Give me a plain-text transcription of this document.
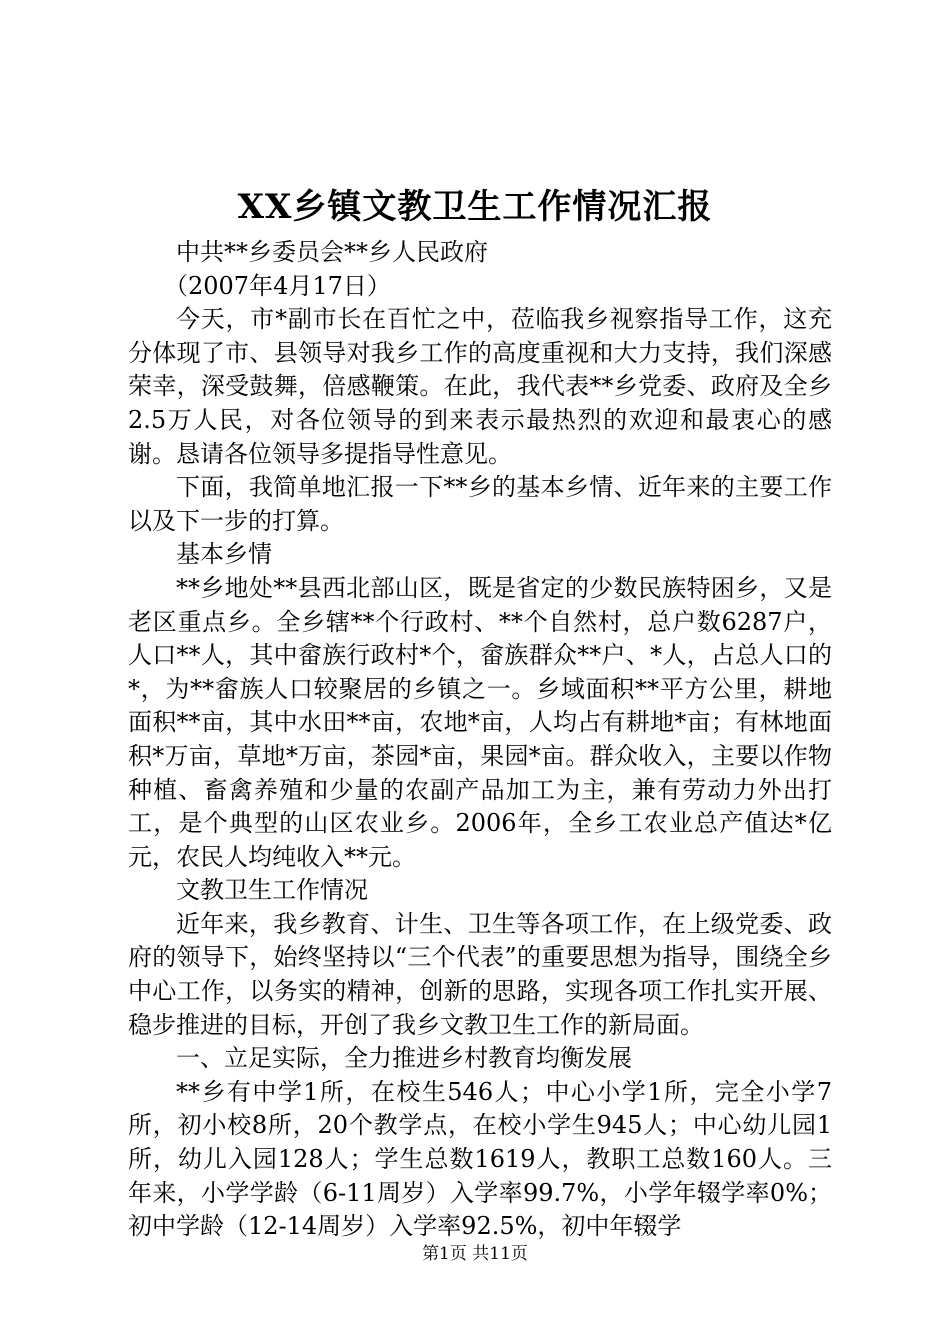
XX乡镇文教卫生工作情况汇报

中共**乡委员会**乡人民政府

（2007年4月17日）

今天，市*副市长在百忙之中，莅临我乡视察指导工作，这充分体现了市、县领导对我乡工作的高度重视和大力支持，我们深感荣幸，深受鼓舞，倍感鞭策。在此，我代表**乡党委、政府及全乡2.5万人民，对各位领导的到来表示最热烈的欢迎和最衷心的感谢。恳请各位领导多提指导性意见。

下面，我简单地汇报一下**乡的基本乡情、近年来的主要工作以及下一步的打算。

基本乡情

**乡地处**县西北部山区，既是省定的少数民族特困乡，又是老区重点乡。全乡辖**个行政村、**个自然村，总户数6287户，人口**人，其中畲族行政村*个，畲族群众**户、*人，占总人口的*，为**畲族人口较聚居的乡镇之一。乡域面积**平方公里，耕地面积**亩，其中水田**亩，农地*亩，人均占有耕地*亩；有林地面积*万亩，草地*万亩，茶园*亩，果园*亩。群众收入，主要以作物种植、畜禽养殖和少量的农副产品加工为主，兼有劳动力外出打工，是个典型的山区农业乡。2006年，全乡工农业总产值达*亿元，农民人均纯收入**元。

文教卫生工作情况

近年来，我乡教育、计生、卫生等各项工作，在上级党委、政府的领导下，始终坚持以“三个代表”的重要思想为指导，围绕全乡中心工作，以务实的精神，创新的思路，实现各项工作扎实开展、稳步推进的目标，开创了我乡文教卫生工作的新局面。

一、立足实际，全力推进乡村教育均衡发展

**乡有中学1所，在校生546人；中心小学1所，完全小学7所，初小校8所，20个教学点，在校小学生945人；中心幼儿园1所，幼儿入园128人；学生总数1619人，教职工总数160人。三年来，小学学龄（6-11周岁）入学率99.7%，小学年辍学率0%；初中学龄（12-14周岁）入学率92.5%，初中年辍学

第1页 共11页
